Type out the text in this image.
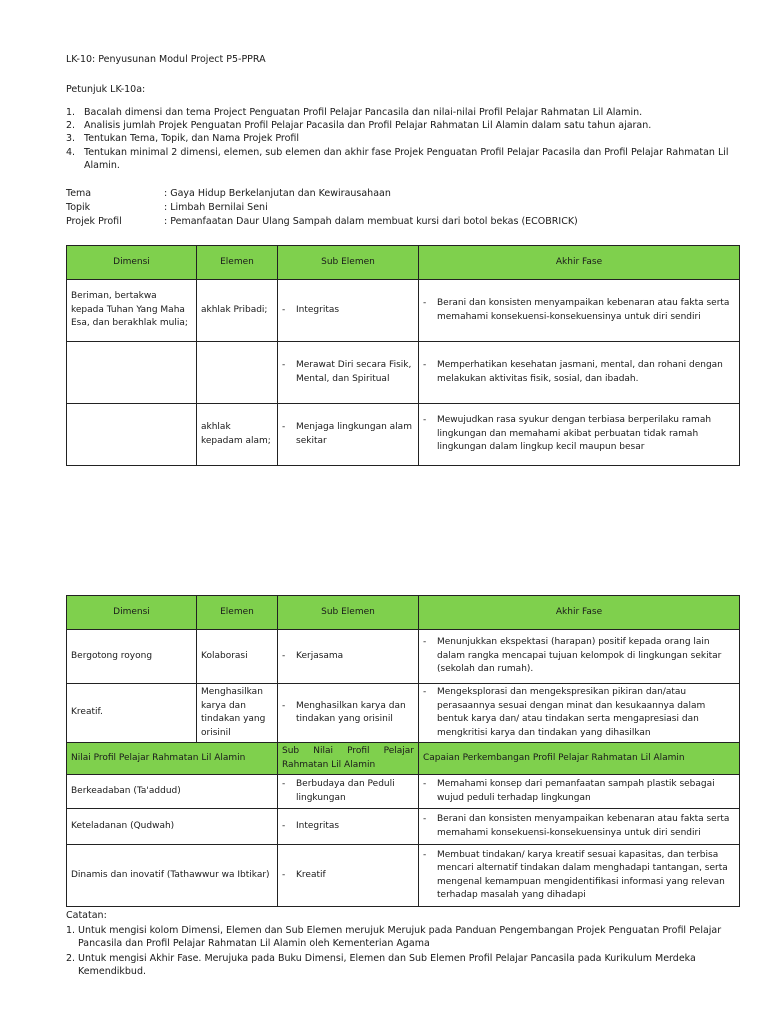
LK-10: Penyusunan Modul Project P5-PPRA
Petunjuk LK-10a:
1. Bacalah dimensi dan tema Project Penguatan Profil Pelajar Pancasila dan nilai-nilai Profil Pelajar Rahmatan Lil Alamin.
2. Analisis jumlah Projek Penguatan Profil Pelajar Pacasila dan Profil Pelajar Rahmatan Lil Alamin dalam satu tahun ajaran.
3. Tentukan Tema, Topik, dan Nama Projek Profil
4. Tentukan minimal 2 dimensi, elemen, sub elemen dan akhir fase Projek Penguatan Profil Pelajar Pacasila dan Profil Pelajar Rahmatan Lil Alamin.
Tema	: Gaya Hidup Berkelanjutan dan Kewirausahaan
Topik	: Limbah Bernilai Seni
Projek Profil	: Pemanfaatan Daur Ulang Sampah dalam membuat kursi dari botol bekas (ECOBRICK)
Dimensi	Elemen	Sub Elemen	Akhir Fase
Beriman, bertakwa kepada Tuhan Yang Maha Esa, dan berakhlak mulia;	akhlak Pribadi;	- Integritas	- Berani dan konsisten menyampaikan kebenaran atau fakta serta memahami konsekuensi-konsekuensinya untuk diri sendiri

		- Merawat Diri secara Fisik, Mental, dan Spiritual	- Memperhatikan kesehatan jasmani, mental, dan rohani dengan melakukan aktivitas fisik, sosial, dan ibadah.

	akhlak kepadam alam;	- Menjaga lingkungan alam sekitar	- Mewujudkan rasa syukur dengan terbiasa berperilaku ramah lingkungan dan memahami akibat perbuatan tidak ramah lingkungan dalam lingkup kecil maupun besar
Dimensi	Elemen	Sub Elemen	Akhir Fase
Bergotong royong	Kolaborasi	- Kerjasama	- Menunjukkan ekspektasi (harapan) positif kepada orang lain dalam rangka mencapai tujuan kelompok di lingkungan sekitar (sekolah dan rumah).

Kreatif.	Menghasilkan karya dan tindakan yang orisinil	- Menghasilkan karya dan tindakan yang orisinil	- Mengeksplorasi dan mengekspresikan pikiran dan/atau perasaannya sesuai dengan minat dan kesukaannya dalam bentuk karya dan/ atau tindakan serta mengapresiasi dan mengkritisi karya dan tindakan yang dihasilkan

Nilai Profil Pelajar Rahmatan Lil Alamin		Sub Nilai Profil Pelajar Rahmatan Lil Alamin	Capaian Perkembangan Profil Pelajar Rahmatan Lil Alamin
Berkeadaban (Ta'addud)		- Berbudaya dan Peduli lingkungan	- Memahami konsep dari pemanfaatan sampah plastik sebagai wujud peduli terhadap lingkungan

Keteladanan (Qudwah)		- Integritas	- Berani dan konsisten menyampaikan kebenaran atau fakta serta memahami konsekuensi-konsekuensinya untuk diri sendiri

Dinamis dan inovatif (Tathawwur wa Ibtikar)		- Kreatif	- Membuat tindakan/ karya kreatif sesuai kapasitas, dan terbisa mencari alternatif tindakan dalam menghadapi tantangan, serta mengenal kemampuan mengidentifikasi informasi yang relevan terhadap masalah yang dihadapi
Catatan:
1. Untuk mengisi kolom Dimensi, Elemen dan Sub Elemen merujuk Merujuk pada Panduan Pengembangan Projek Penguatan Profil Pelajar Pancasila dan Profil Pelajar Rahmatan Lil Alamin oleh Kementerian Agama
2. Untuk mengisi Akhir Fase. Merujuka pada Buku Dimensi, Elemen dan Sub Elemen Profil Pelajar Pancasila pada Kurikulum Merdeka Kemendikbud.
